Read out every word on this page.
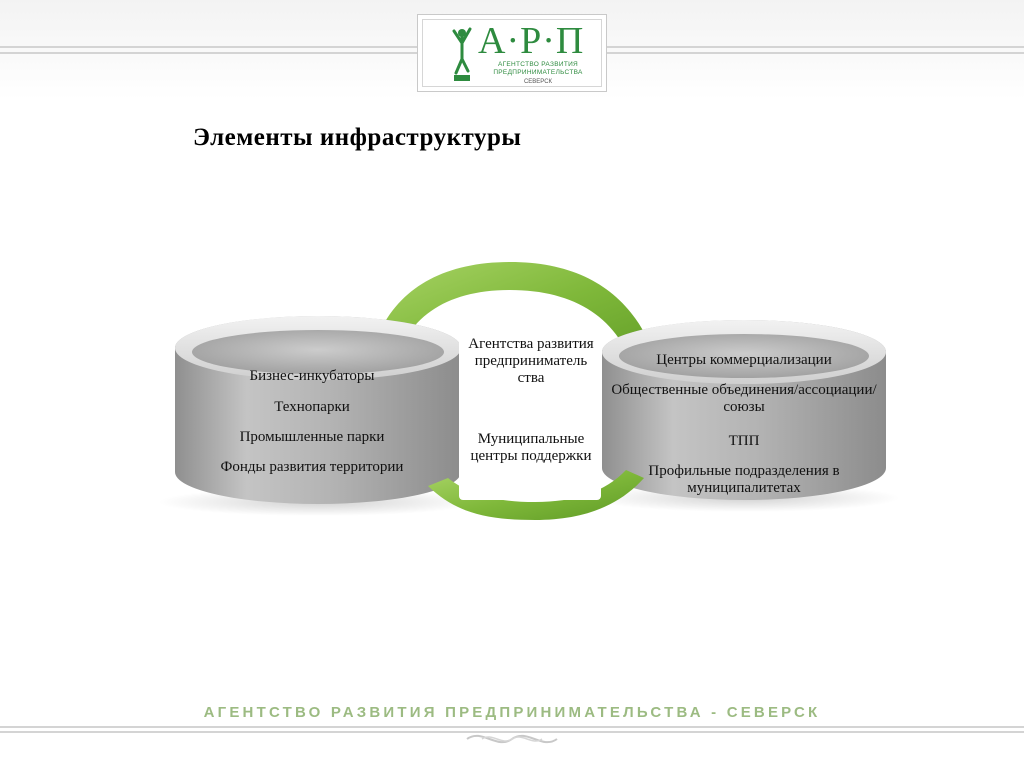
А·Р·П
АГЕНТСТВО РАЗВИТИЯ
ПРЕДПРИНИМАТЕЛЬСТВА
СЕВЕРСК
Элементы инфраструктуры
Бизнес-инкубаторы
Технопарки
Промышленные парки
Фонды развития территории
Агентства развития предприниматель ства
Муниципальные центры поддержки
Центры коммерциализации
Общественные объединения/ассоциации/союзы
ТПП
Профильные подразделения в муниципалитетах
АГЕНТСТВО РАЗВИТИЯ ПРЕДПРИНИМАТЕЛЬСТВА - СЕВЕРСК
